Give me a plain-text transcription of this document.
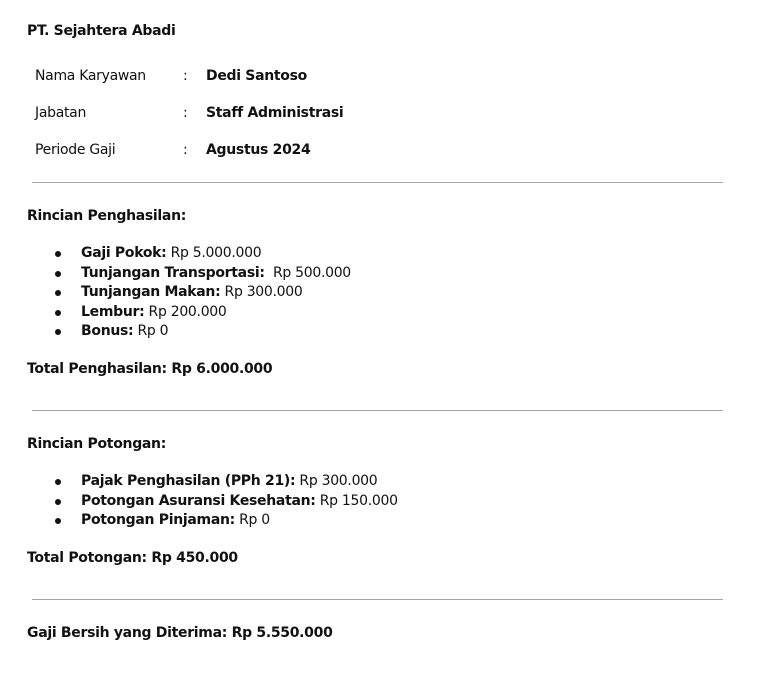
PT. Sejahtera Abadi
Nama Karyawan	: Dedi Santoso
Jabatan	: Staff Administrasi
Periode Gaji	: Agustus 2024
Rincian Penghasilan:
Gaji Pokok: Rp 5.000.000
Tunjangan Transportasi:  Rp 500.000
Tunjangan Makan: Rp 300.000
Lembur: Rp 200.000
Bonus: Rp 0
Total Penghasilan: Rp 6.000.000
Rincian Potongan:
Pajak Penghasilan (PPh 21): Rp 300.000
Potongan Asuransi Kesehatan: Rp 150.000
Potongan Pinjaman: Rp 0
Total Potongan: Rp 450.000
Gaji Bersih yang Diterima: Rp 5.550.000
